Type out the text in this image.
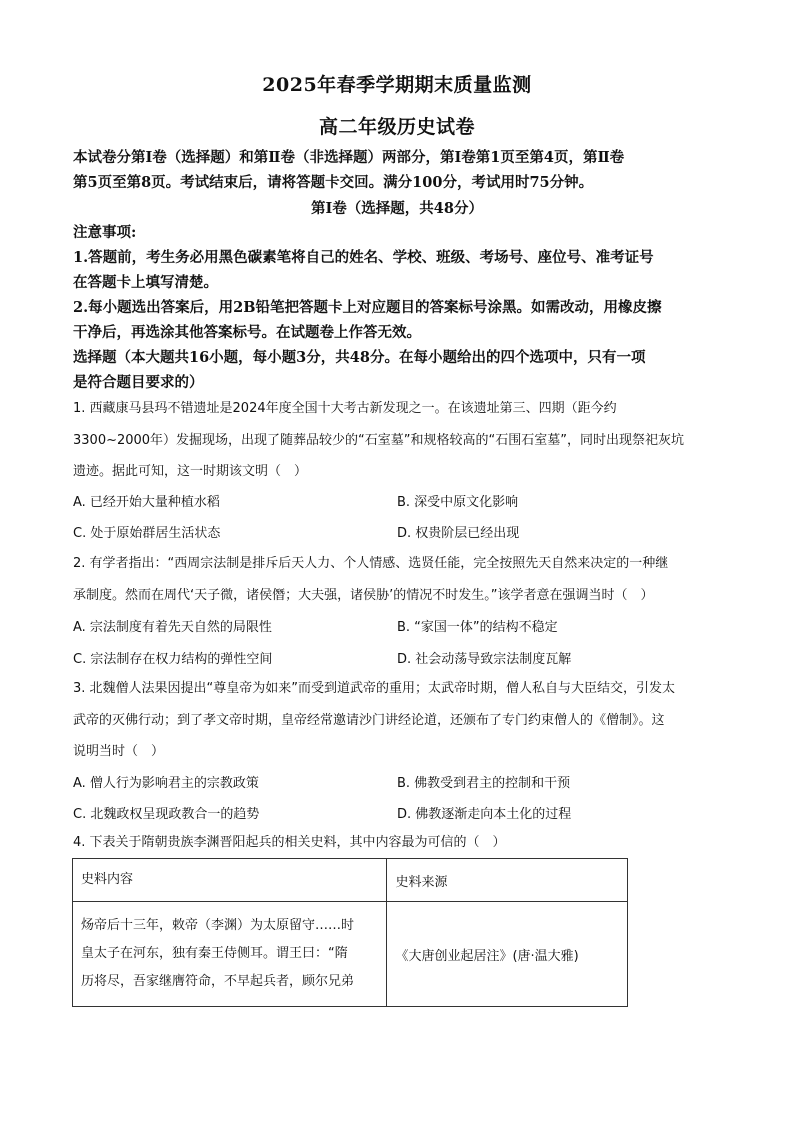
2025年春季学期期末质量监测
高二年级历史试卷
本试卷分第Ⅰ卷（选择题）和第Ⅱ卷（非选择题）两部分，第Ⅰ卷第1页至第4页，第Ⅱ卷
第5页至第8页。考试结束后，请将答题卡交回。满分100分，考试用时75分钟。
第Ⅰ卷（选择题，共48分）
注意事项:
1.答题前，考生务必用黑色碳素笔将自己的姓名、学校、班级、考场号、座位号、准考证号
在答题卡上填写清楚。
2.每小题选出答案后，用2B铅笔把答题卡上对应题目的答案标号涂黑。如需改动，用橡皮擦
干净后，再选涂其他答案标号。在试题卷上作答无效。
选择题（本大题共16小题，每小题3分，共48分。在每小题给出的四个选项中，只有一项
是符合题目要求的）
1. 西藏康马县玛不错遗址是2024年度全国十大考古新发现之一。在该遗址第三、四期（距今约
3300~2000年）发掘现场，出现了随葬品较少的“石室墓”和规格较高的“石围石室墓”，同时出现祭祀灰坑
遗迹。据此可知，这一时期该文明（　）
A. 已经开始大量种植水稻	B. 深受中原文化影响
C. 处于原始群居生活状态	D. 权贵阶层已经出现
2. 有学者指出：“西周宗法制是排斥后天人力、个人情感、选贤任能，完全按照先天自然来决定的一种继
承制度。然而在周代‘天子微，诸侯僭；大夫强，诸侯胁’的情况不时发生。”该学者意在强调当时（　）
A. 宗法制度有着先天自然的局限性	B. “家国一体”的结构不稳定
C. 宗法制存在权力结构的弹性空间	D. 社会动荡导致宗法制度瓦解
3. 北魏僧人法果因提出“尊皇帝为如来”而受到道武帝的重用；太武帝时期，僧人私自与大臣结交，引发太
武帝的灭佛行动；到了孝文帝时期，皇帝经常邀请沙门讲经论道，还颁布了专门约束僧人的《僧制》。这
说明当时（　）
A. 僧人行为影响君主的宗教政策	B. 佛教受到君主的控制和干预
C. 北魏政权呈现政教合一的趋势	D. 佛教逐渐走向本土化的过程
4. 下表关于隋朝贵族李渊晋阳起兵的相关史料，其中内容最为可信的（　）
史料内容	史料来源

炀帝后十三年，敕帝（李渊）为太原留守……时
皇太子在河东，独有秦王侍侧耳。谓王曰：“隋
历将尽，吾家继膺符命，不早起兵者，顾尔兄弟	《大唐创业起居注》(唐·温大雅)
